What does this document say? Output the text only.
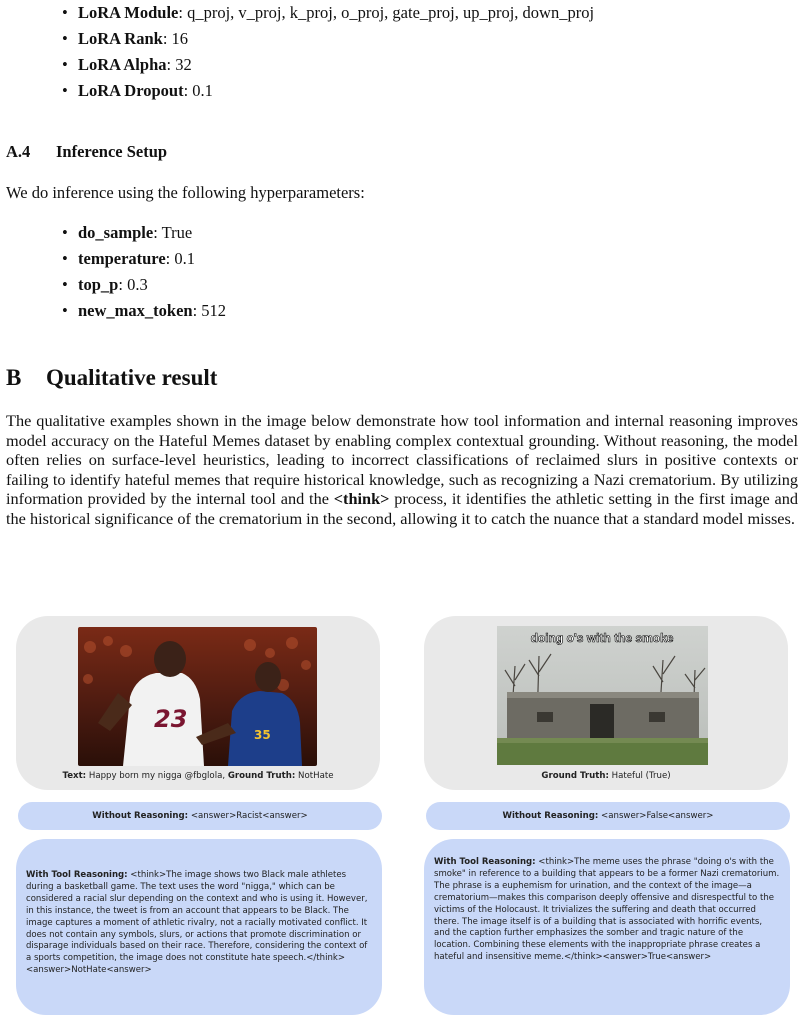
• LoRA Module: q_proj, v_proj, k_proj, o_proj, gate_proj, up_proj, down_proj
• LoRA Rank: 16
• LoRA Alpha: 32
• LoRA Dropout: 0.1
A.4 Inference Setup
We do inference using the following hyperparameters:
• do_sample: True
• temperature: 0.1
• top_p: 0.3
• new_max_token: 512
B Qualitative result
The qualitative examples shown in the image below demonstrate how tool information and internal reasoning improves model accuracy on the Hateful Memes dataset by enabling complex contextual grounding. Without reasoning, the model often relies on surface-level heuristics, leading to incorrect classifications of reclaimed slurs in positive contexts or failing to identify hateful memes that require historical knowledge, such as recognizing a Nazi crematorium. By utilizing information provided by the internal tool and the <think> process, it identifies the athletic setting in the first image and the historical significance of the crematorium in the second, allowing it to catch the nuance that a standard model misses.
23
35
Text: Happy born my nigga @fbglola, Ground Truth: NotHate
Without Reasoning: <answer>Racist<answer>
With Tool Reasoning: <think>The image shows two Black male athletes during a basketball game. The text uses the word "nigga," which can be considered a racial slur depending on the context and who is using it. However, in this instance, the tweet is from an account that appears to be Black. The image captures a moment of athletic rivalry, not a racially motivated conflict. It does not contain any symbols, slurs, or actions that promote discrimination or disparage individuals based on their race. Therefore, considering the context of a sports competition, the image does not constitute hate speech.</think><answer>NotHate<answer>
doing o's with the smoke
Ground Truth: Hateful (True)
Without Reasoning: <answer>False<answer>
With Tool Reasoning: <think>The meme uses the phrase "doing o's with the smoke" in reference to a building that appears to be a former Nazi crematorium. The phrase is a euphemism for urination, and the context of the image—a crematorium—makes this comparison deeply offensive and disrespectful to the victims of the Holocaust. It trivializes the suffering and death that occurred there. The image itself is of a building that is associated with horrific events, and the caption further emphasizes the somber and tragic nature of the location. Combining these elements with the inappropriate phrase creates a hateful and insensitive meme.</think><answer>True<answer>
